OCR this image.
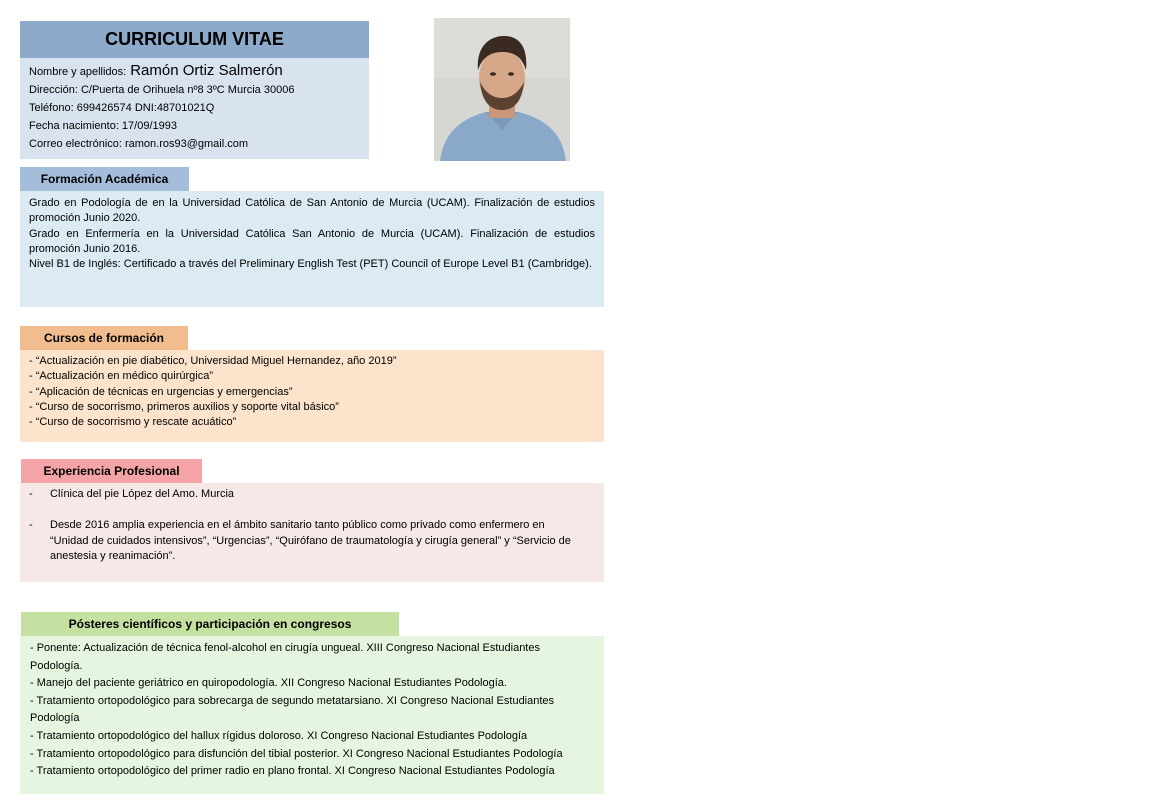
CURRICULUM VITAE
Nombre y apellidos: Ramón Ortiz Salmerón
Dirección: C/Puerta de Orihuela nº8 3ºC Murcia 30006
Teléfono: 699426574 DNI:48701021Q
Fecha nacimiento: 17/09/1993
Correo electrónico: ramon.ros93@gmail.com
Formación Académica

Grado en Podología de en la Universidad Católica de San Antonio de Murcia (UCAM). Finalización de estudios promoción Junio 2020.

Grado en Enfermería en la Universidad Católica San Antonio de Murcia (UCAM). Finalización de estudios promoción Junio 2016.

Nivel B1 de Inglés: Certificado a través del Preliminary English Test (PET) Council of Europe Level B1 (Cambridge).

Cursos de formación
- “Actualización en pie diabético, Universidad Miguel Hernandez, año 2019”
- “Actualización en médico quirúrgica”
- “Aplicación de técnicas en urgencias y emergencias”
- “Curso de socorrismo, primeros auxilios y soporte vital básico”
- “Curso de socorrismo y rescate acuático”
Experiencia Profesional
-	Clínica del pie López del Amo. Murcia
-	Desde 2016 amplia experiencia en el ámbito sanitario tanto público como privado como enfermero en “Unidad de cuidados intensivos”, “Urgencias”, “Quirófano de traumatología y cirugía general” y “Servicio de anestesia y reanimación”.
Pósteres científicos y participación en congresos
- Ponente: Actualización de técnica fenol-alcohol en cirugía ungueal. XIII Congreso Nacional Estudiantes Podología.
- Manejo del paciente geriátrico en quiropodología. XII Congreso Nacional Estudiantes Podología.
- Tratamiento ortopodológico para sobrecarga de segundo metatarsiano. XI Congreso Nacional Estudiantes Podología
- Tratamiento ortopodológico del hallux rígidus doloroso. XI Congreso Nacional Estudiantes Podología
- Tratamiento ortopodológico para disfunción del tibial posterior. XI Congreso Nacional Estudiantes Podología
- Tratamiento ortopodológico del primer radio en plano frontal. XI Congreso Nacional Estudiantes Podología
